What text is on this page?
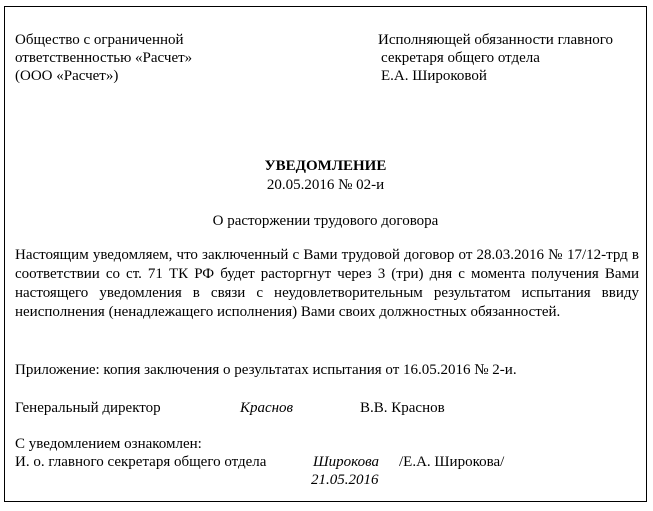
Общество с ограниченной
ответственностью «Расчет»
(ООО «Расчет»)
Исполняющей обязанности главного
секретаря общего отдела
Е.А. Широковой
УВЕДОМЛЕНИЕ
20.05.2016 № 02-и
О расторжении трудового договора
Настоящим уведомляем, что заключенный с Вами трудовой договор от 28.03.2016 № 17/12-трд в соответствии со ст. 71 ТК РФ будет расторгнут через 3 (три) дня с момента получения Вами настоящего уведомления в связи с неудовлетворительным результатом испытания ввиду неисполнения (ненадлежащего исполнения) Вами своих должностных обязанностей.
Приложение: копия заключения о результатах испытания от 16.05.2016 № 2-и.
Генеральный директор	Краснов	В.В. Краснов
С уведомлением ознакомлен:
И. о. главного секретаря общего отдела	Широкова /Е.А. Широкова/
21.05.2016
